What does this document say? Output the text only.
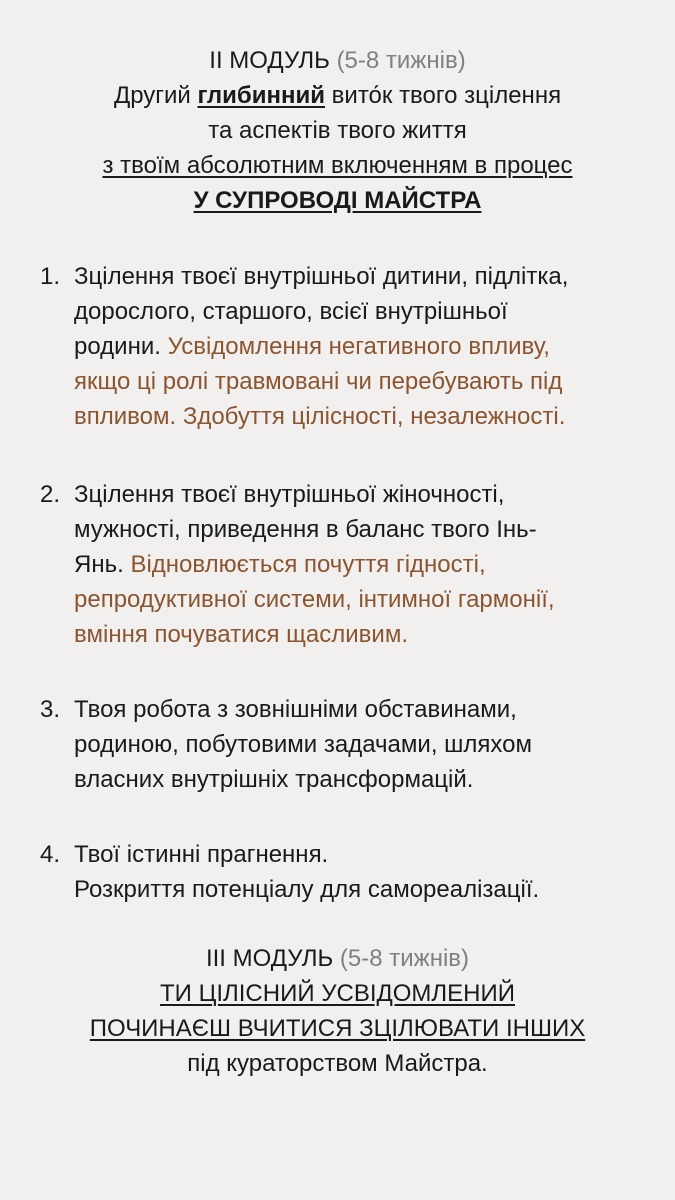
II МОДУЛЬ (5-8 тижнів)
Другий глибинний вито́к твого зцілення
та аспектів твого життя
з твоїм абсолютним включенням в процес
У СУПРОВОДІ МАЙСТРА
1. Зцілення твоєї внутрішньої дитини, підлітка,
дорослого, старшого, всієї внутрішньої
родини. Усвідомлення негативного впливу,
якщо ці ролі травмовані чи перебувають під
впливом. Здобуття цілісності, незалежності.
2. Зцілення твоєї внутрішньої жіночності,
мужності, приведення в баланс твого Інь-
Янь. Відновлюється почуття гідності,
репродуктивної системи, інтимної гармонії,
вміння почуватися щасливим.
3. Твоя робота з зовнішніми обставинами,
родиною, побутовими задачами, шляхом
власних внутрішніх трансформацій.
4. Твої істинні прагнення.
Розкриття потенціалу для самореалізації.
III МОДУЛЬ (5-8 тижнів)
ТИ ЦІЛІСНИЙ УСВІДОМЛЕНИЙ
ПОЧИНАЄШ ВЧИТИСЯ ЗЦІЛЮВАТИ ІНШИХ
під кураторством Майстра.
